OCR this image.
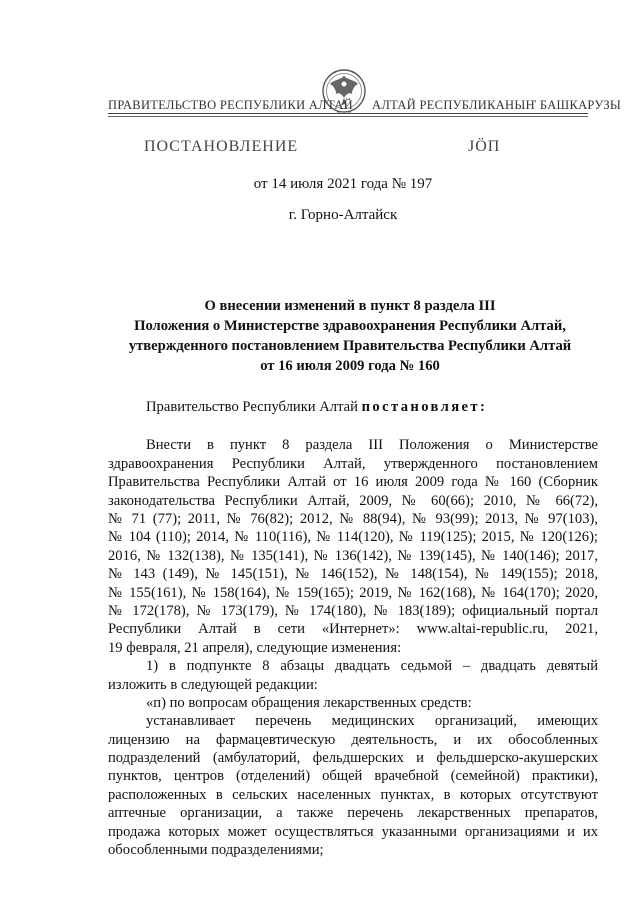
ПРАВИТЕЛЬСТВО РЕСПУБЛИКИ АЛТАЙ АЛТАЙ РЕСПУБЛИКАНЫҤ БАШКАРУЗЫ
ПОСТАНОВЛЕНИЕ	ЈӦП
от 14 июля 2021 года № 197
г. Горно-Алтайск
О внесении изменений в пункт 8 раздела III
Положения о Министерстве здравоохранения Республики Алтай,
утвержденного постановлением Правительства Республики Алтай
от 16 июля 2009 года № 160
Правительство Республики Алтай постановляет:
Внести в пункт 8 раздела III Положения о Министерстве
здравоохранения Республики Алтай, утвержденного постановлением
Правительства Республики Алтай от 16 июля 2009 года № 160 (Сборник
законодательства Республики Алтай, 2009, № 60(66); 2010, № 66(72),
№ 71 (77); 2011, № 76(82); 2012, № 88(94), № 93(99); 2013, № 97(103),
№ 104 (110); 2014, № 110(116), № 114(120), № 119(125); 2015, № 120(126);
2016, № 132(138), № 135(141), № 136(142), № 139(145), № 140(146); 2017,
№ 143 (149), № 145(151), № 146(152), № 148(154), № 149(155); 2018,
№ 155(161), № 158(164), № 159(165); 2019, № 162(168), № 164(170); 2020,
№ 172(178), № 173(179), № 174(180), № 183(189); официальный портал
Республики Алтай в сети «Интернет»: www.altai-republic.ru, 2021,
19 февраля, 21 апреля), следующие изменения:
1) в подпункте 8 абзацы двадцать седьмой – двадцать девятый
изложить в следующей редакции:
«п) по вопросам обращения лекарственных средств:
устанавливает перечень медицинских организаций, имеющих
лицензию на фармацевтическую деятельность, и их обособленных
подразделений (амбулаторий, фельдшерских и фельдшерско-акушерских
пунктов, центров (отделений) общей врачебной (семейной) практики),
расположенных в сельских населенных пунктах, в которых отсутствуют
аптечные организации, а также перечень лекарственных препаратов,
продажа которых может осуществляться указанными организациями и их
обособленными подразделениями;
